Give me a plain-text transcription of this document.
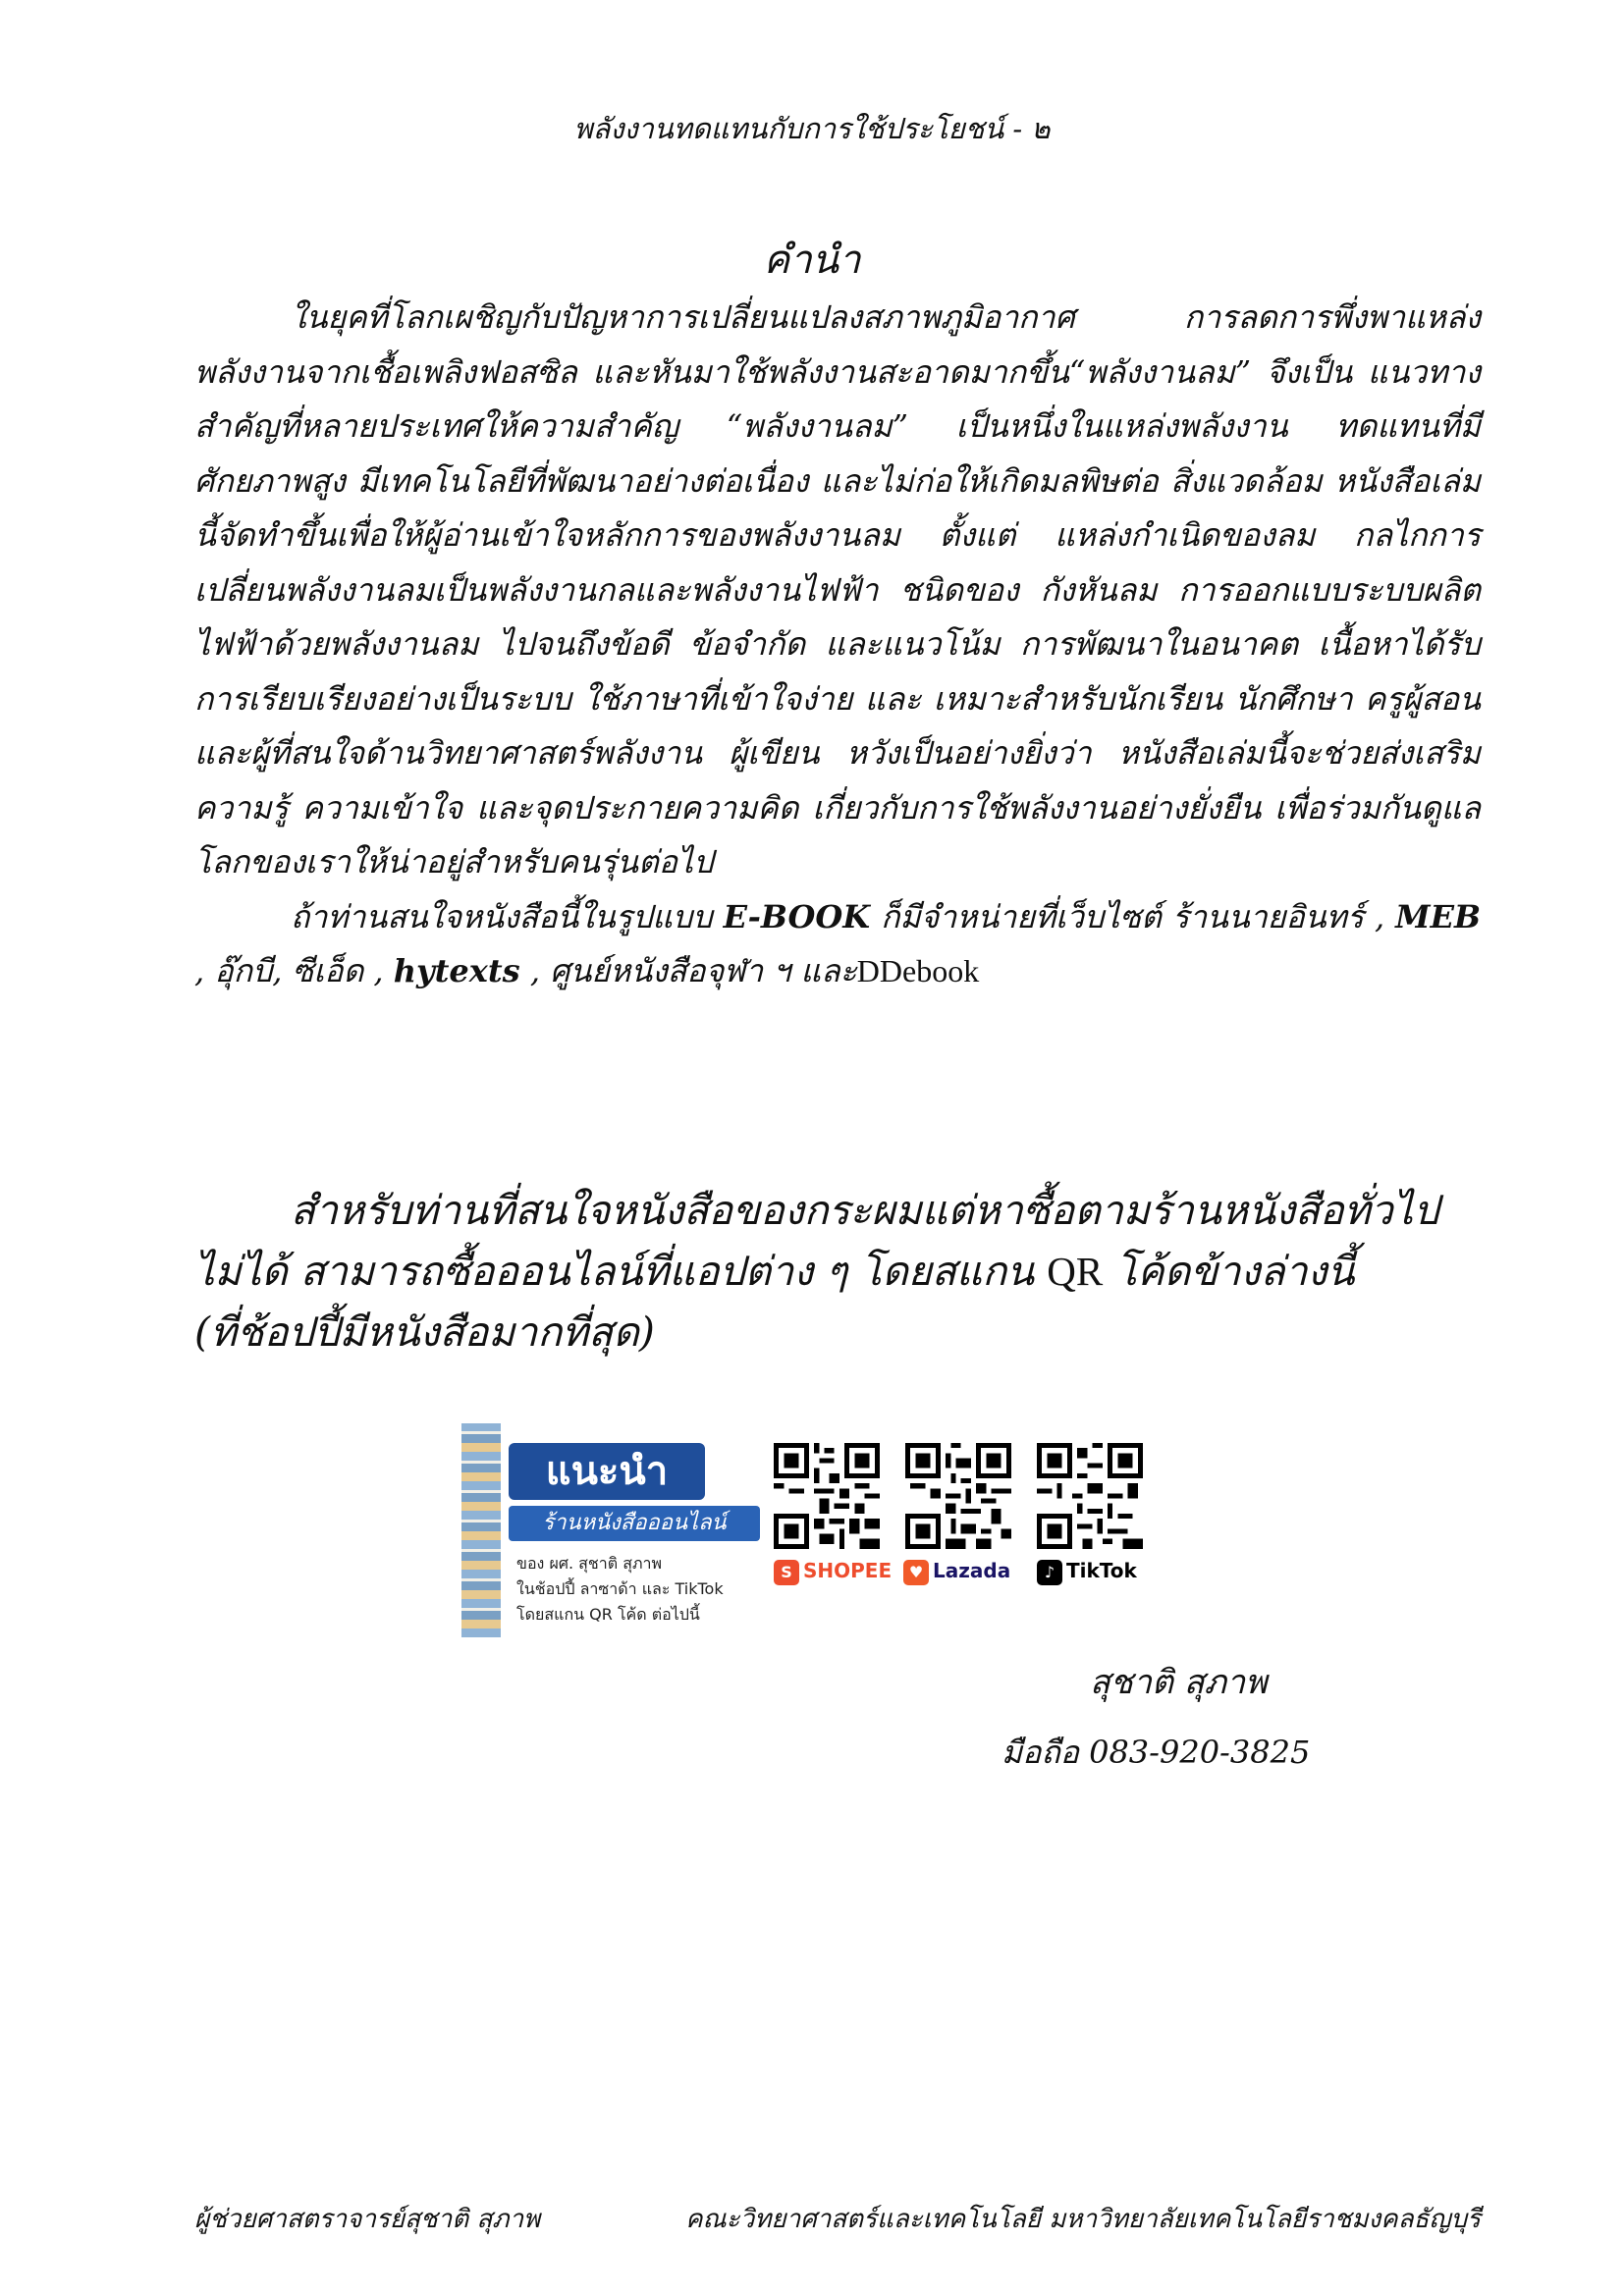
พลังงานทดแทนกับการใช้ประโยชน์ - ๒
คำนำ
ในยุคที่โลกเผชิญกับปัญหาการเปลี่ยนแปลงสภาพภูมิอากาศ การลดการพึ่งพาแหล่ง พลังงานจากเชื้อเพลิงฟอสซิล และหันมาใช้พลังงานสะอาดมากขึ้น“พลังงานลม” จึงเป็น แนวทางสำคัญที่หลายประเทศให้ความสำคัญ “พลังงานลม” เป็นหนึ่งในแหล่งพลังงาน ทดแทนที่มีศักยภาพสูง มีเทคโนโลยีที่พัฒนาอย่างต่อเนื่อง และไม่ก่อให้เกิดมลพิษต่อ สิ่งแวดล้อม หนังสือเล่มนี้จัดทำขึ้นเพื่อให้ผู้อ่านเข้าใจหลักการของพลังงานลม ตั้งแต่ แหล่งกำเนิดของลม กลไกการเปลี่ยนพลังงานลมเป็นพลังงานกลและพลังงานไฟฟ้า ชนิดของ กังหันลม การออกแบบระบบผลิตไฟฟ้าด้วยพลังงานลม ไปจนถึงข้อดี ข้อจำกัด และแนวโน้ม การพัฒนาในอนาคต เนื้อหาได้รับการเรียบเรียงอย่างเป็นระบบ ใช้ภาษาที่เข้าใจง่าย และ เหมาะสำหรับนักเรียน นักศึกษา ครูผู้สอน และผู้ที่สนใจด้านวิทยาศาสตร์พลังงาน ผู้เขียน หวังเป็นอย่างยิ่งว่า หนังสือเล่มนี้จะช่วยส่งเสริมความรู้ ความเข้าใจ และจุดประกายความคิด เกี่ยวกับการใช้พลังงานอย่างยั่งยืน เพื่อร่วมกันดูแลโลกของเราให้น่าอยู่สำหรับคนรุ่นต่อไป

ถ้าท่านสนใจหนังสือนี้ในรูปแบบ E-BOOK ก็มีจำหน่ายที่เว็บไซต์ ร้านนายอินทร์ , MEB , อุ๊กบี, ซีเอ็ด , hytexts , ศูนย์หนังสือจุฬา ฯ และDDebook

สำหรับท่านที่สนใจหนังสือของกระผมแต่หาซื้อตามร้านหนังสือทั่วไป

ไม่ได้ สามารถซื้อออนไลน์ที่แอปต่าง ๆ โดยสแกน QR โค้ดข้างล่างนี้

(ที่ช้อปปี้มีหนังสือมากที่สุด)

แนะนำ
ร้านหนังสือออนไลน์
ของ ผศ. สุชาติ สุภาพ
ในช้อปปี้ ลาซาด้า และ TikTok
โดยสแกน QR โค้ด ต่อไปนี้
S SHOPEE	♥ Lazada	♪ TikTok
สุชาติ สุภาพ
มือถือ 083-920-3825
ผู้ช่วยศาสตราจารย์สุชาติ สุภาพ	คณะวิทยาศาสตร์และเทคโนโลยี มหาวิทยาลัยเทคโนโลยีราชมงคลธัญบุรี
